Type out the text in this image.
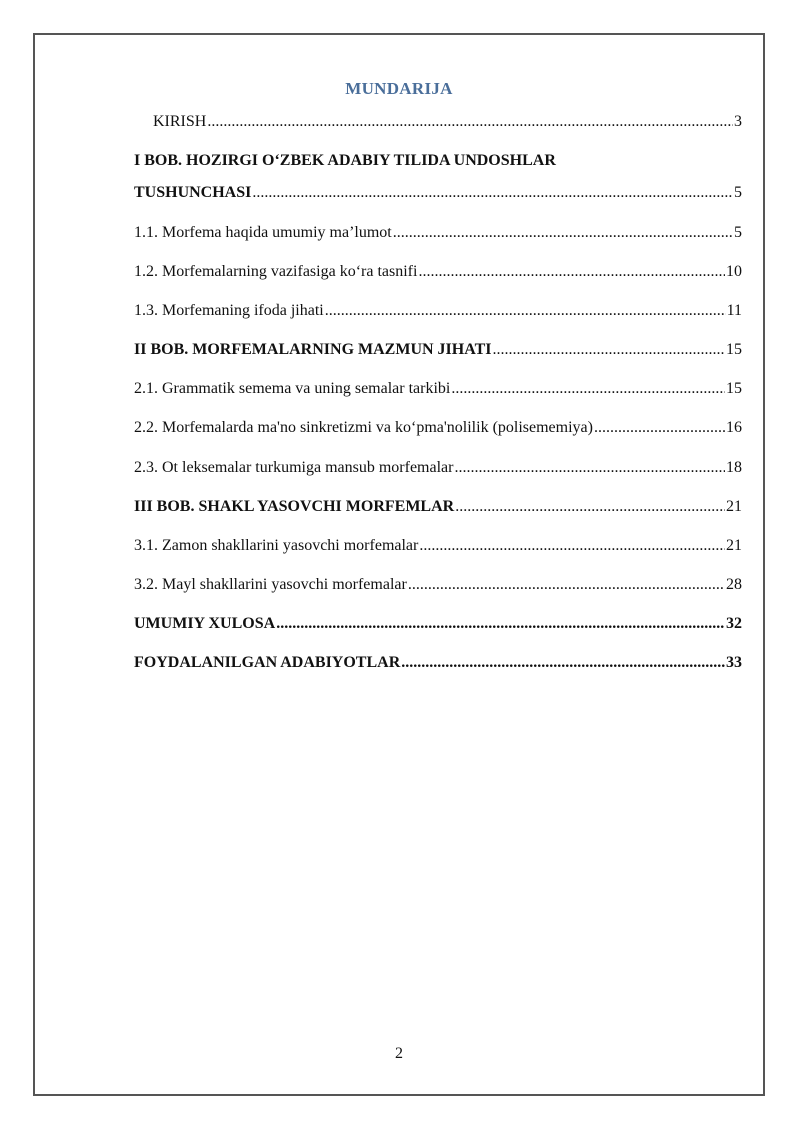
MUNDARIJA
KIRISH .....	3
I BOB. HOZIRGI O‘ZBEK ADABIY TILIDA UNDOSHLAR
TUSHUNCHASI .....	5
1.1. Morfema haqida umumiy ma’lumot .....	5
1.2. Morfemalarning vazifasiga ko‘ra tasnifi .....	10
1.3. Morfemaning ifoda jihati .....	11
II BOB. MORFEMALARNING MAZMUN JIHATI .....	15
2.1. Grammatik semema va uning semalar tarkibi .....	15
2.2. Morfemalarda ma'no sinkretizmi va ko‘pma'nolilik (polisememiya) .....	16
2.3. Ot leksemalar turkumiga mansub morfemalar .....	18
III BOB. SHAKL YASOVCHI MORFEMLAR .....	21
3.1. Zamon shakllarini yasovchi morfemalar .....	21
3.2. Mayl shakllarini yasovchi morfemalar .....	28
UMUMIY XULOSA .....	32
FOYDALANILGAN ADABIYOTLAR .....	33
2
